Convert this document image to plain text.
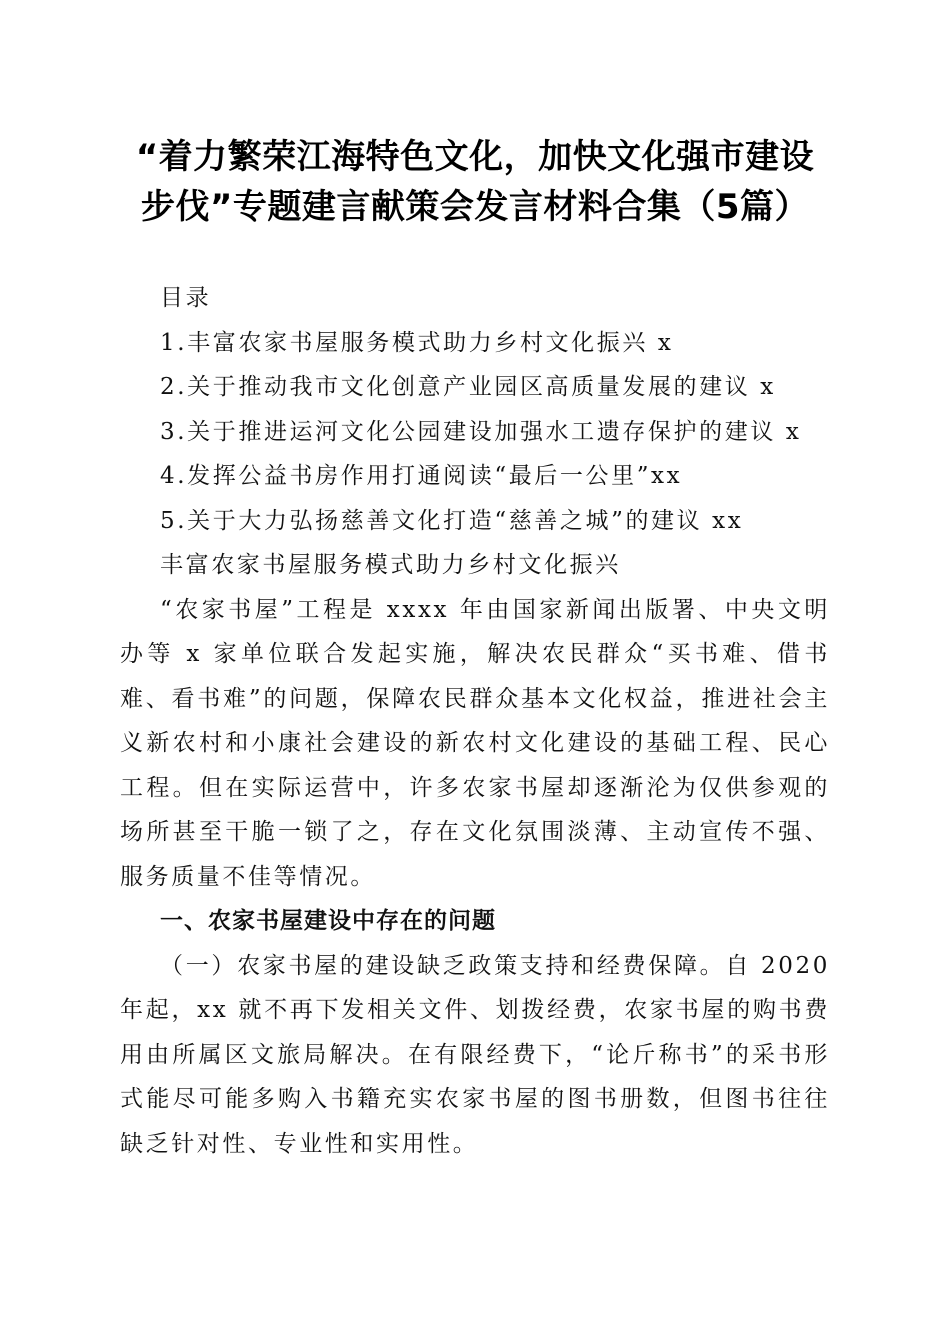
“着力繁荣江海特色文化，加快文化强市建设
步伐”专题建言献策会发言材料合集（5篇）
目录
1.丰富农家书屋服务模式助力乡村文化振兴 x
2.关于推动我市文化创意产业园区高质量发展的建议 x
3.关于推进运河文化公园建设加强水工遗存保护的建议 x
4.发挥公益书房作用打通阅读“最后一公里”xx
5.关于大力弘扬慈善文化打造“慈善之城”的建议 xx
丰富农家书屋服务模式助力乡村文化振兴

“农家书屋”工程是 xxxx 年由国家新闻出版署、中央文明办等 x 家单位联合发起实施，解决农民群众“买书难、借书难、看书难”的问题，保障农民群众基本文化权益，推进社会主义新农村和小康社会建设的新农村文化建设的基础工程、民心工程。但在实际运营中，许多农家书屋却逐渐沦为仅供参观的场所甚至干脆一锁了之，存在文化氛围淡薄、主动宣传不强、服务质量不佳等情况。

一、农家书屋建设中存在的问题

（一）农家书屋的建设缺乏政策支持和经费保障。自 2020 年起，xx 就不再下发相关文件、划拨经费，农家书屋的购书费用由所属区文旅局解决。在有限经费下，“论斤称书”的采书形式能尽可能多购入书籍充实农家书屋的图书册数，但图书往往缺乏针对性、专业性和实用性。
